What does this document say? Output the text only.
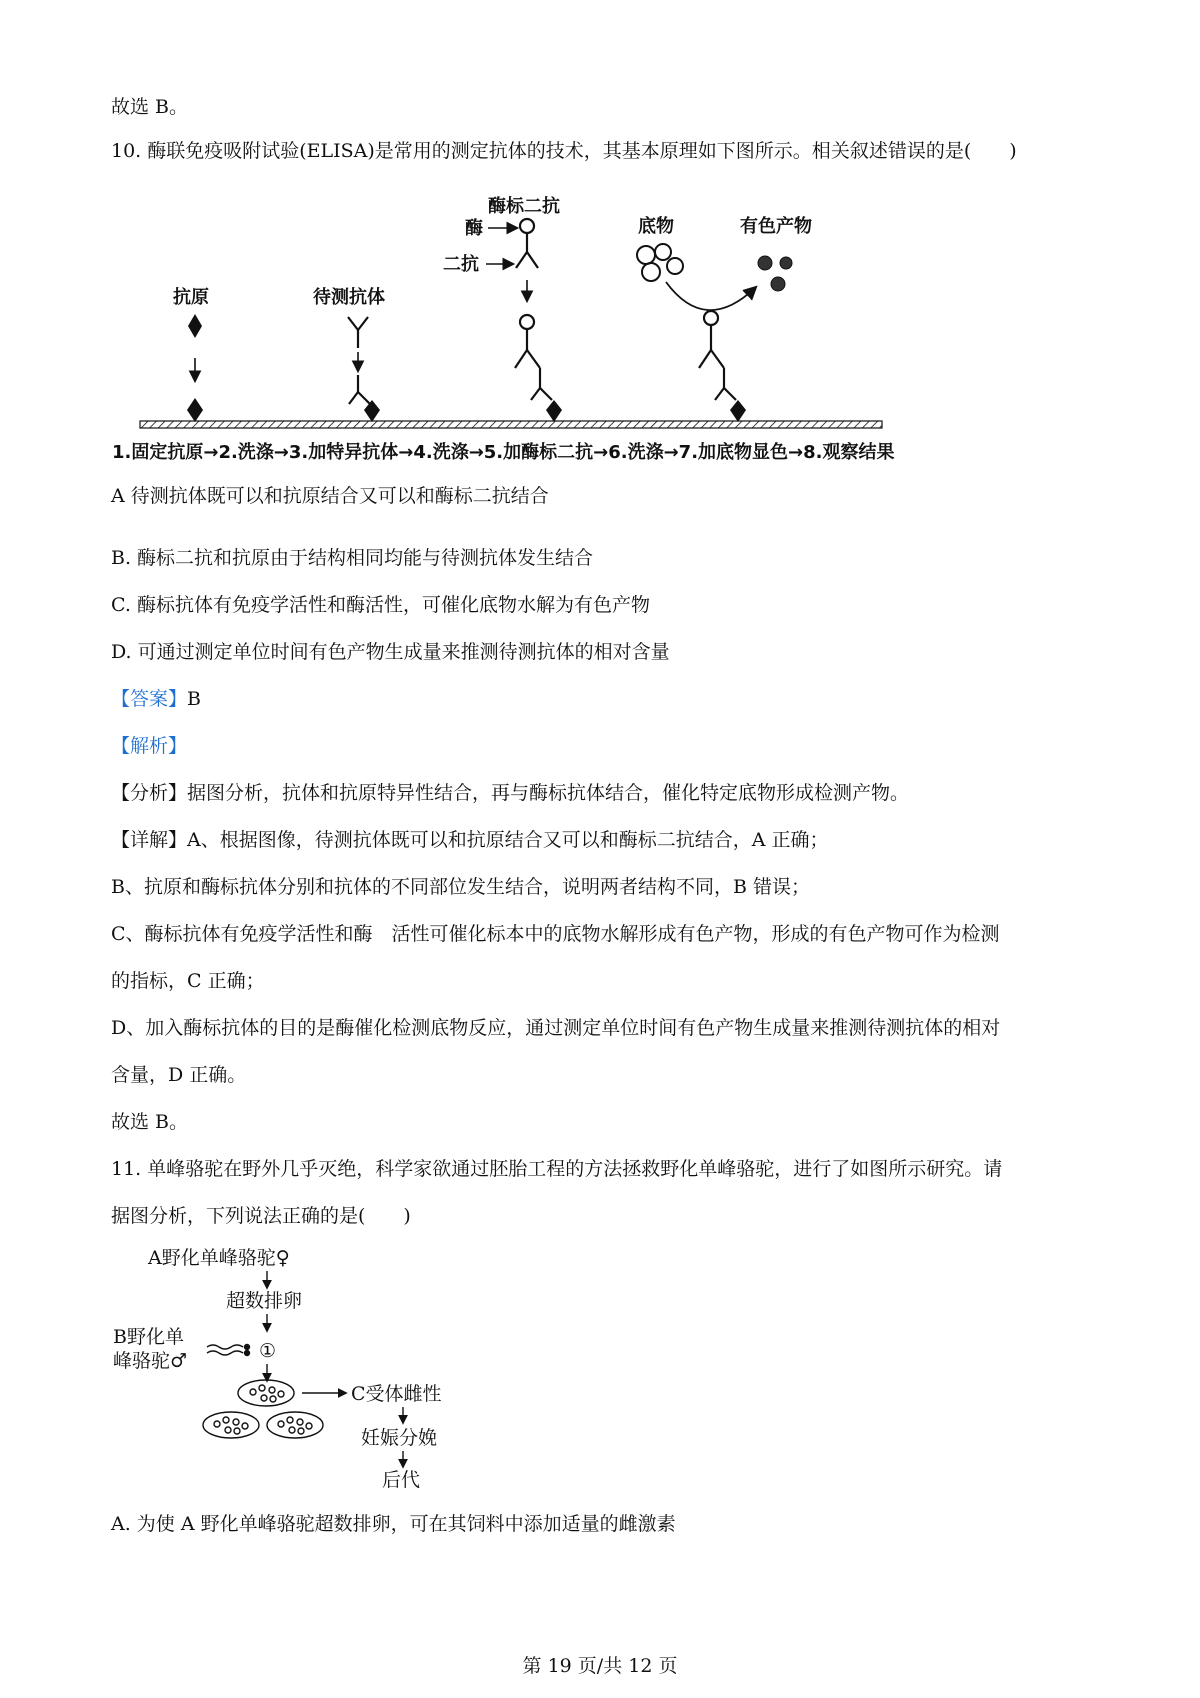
故选 B。
10. 酶联免疫吸附试验(ELISA)是常用的测定抗体的技术，其基本原理如下图所示。相关叙述错误的是(　　)
抗原	待测抗体
酶标二抗
酶
二抗
底物	有色产物
1.固定抗原→2.洗涤→3.加特异抗体→4.洗涤→5.加酶标二抗→6.洗涤→7.加底物显色→8.观察结果
A 待测抗体既可以和抗原结合又可以和酶标二抗结合
B. 酶标二抗和抗原由于结构相同均能与待测抗体发生结合
C. 酶标抗体有免疫学活性和酶活性，可催化底物水解为有色产物
D. 可通过测定单位时间有色产物生成量来推测待测抗体的相对含量
【答案】B
【解析】
【分析】据图分析，抗体和抗原特异性结合，再与酶标抗体结合，催化特定底物形成检测产物。
【详解】A、根据图像，待测抗体既可以和抗原结合又可以和酶标二抗结合，A 正确；
B、抗原和酶标抗体分别和抗体的不同部位发生结合，说明两者结构不同，B 错误；
C、酶标抗体有免疫学活性和酶　活性可催化标本中的底物水解形成有色产物，形成的有色产物可作为检测
的指标，C 正确；
D、加入酶标抗体的目的是酶催化检测底物反应，通过测定单位时间有色产物生成量来推测待测抗体的相对
含量，D 正确。
故选 B。
11. 单峰骆驼在野外几乎灭绝，科学家欲通过胚胎工程的方法拯救野化单峰骆驼，进行了如图所示研究。请
据图分析，下列说法正确的是(　　)
A野化单峰骆驼♀
超数排卵
B野化单
峰骆驼♂	①
C受体雌性
妊娠分娩
后代
A. 为使 A 野化单峰骆驼超数排卵，可在其饲料中添加适量的雌激素
第 19 页/共 12 页
